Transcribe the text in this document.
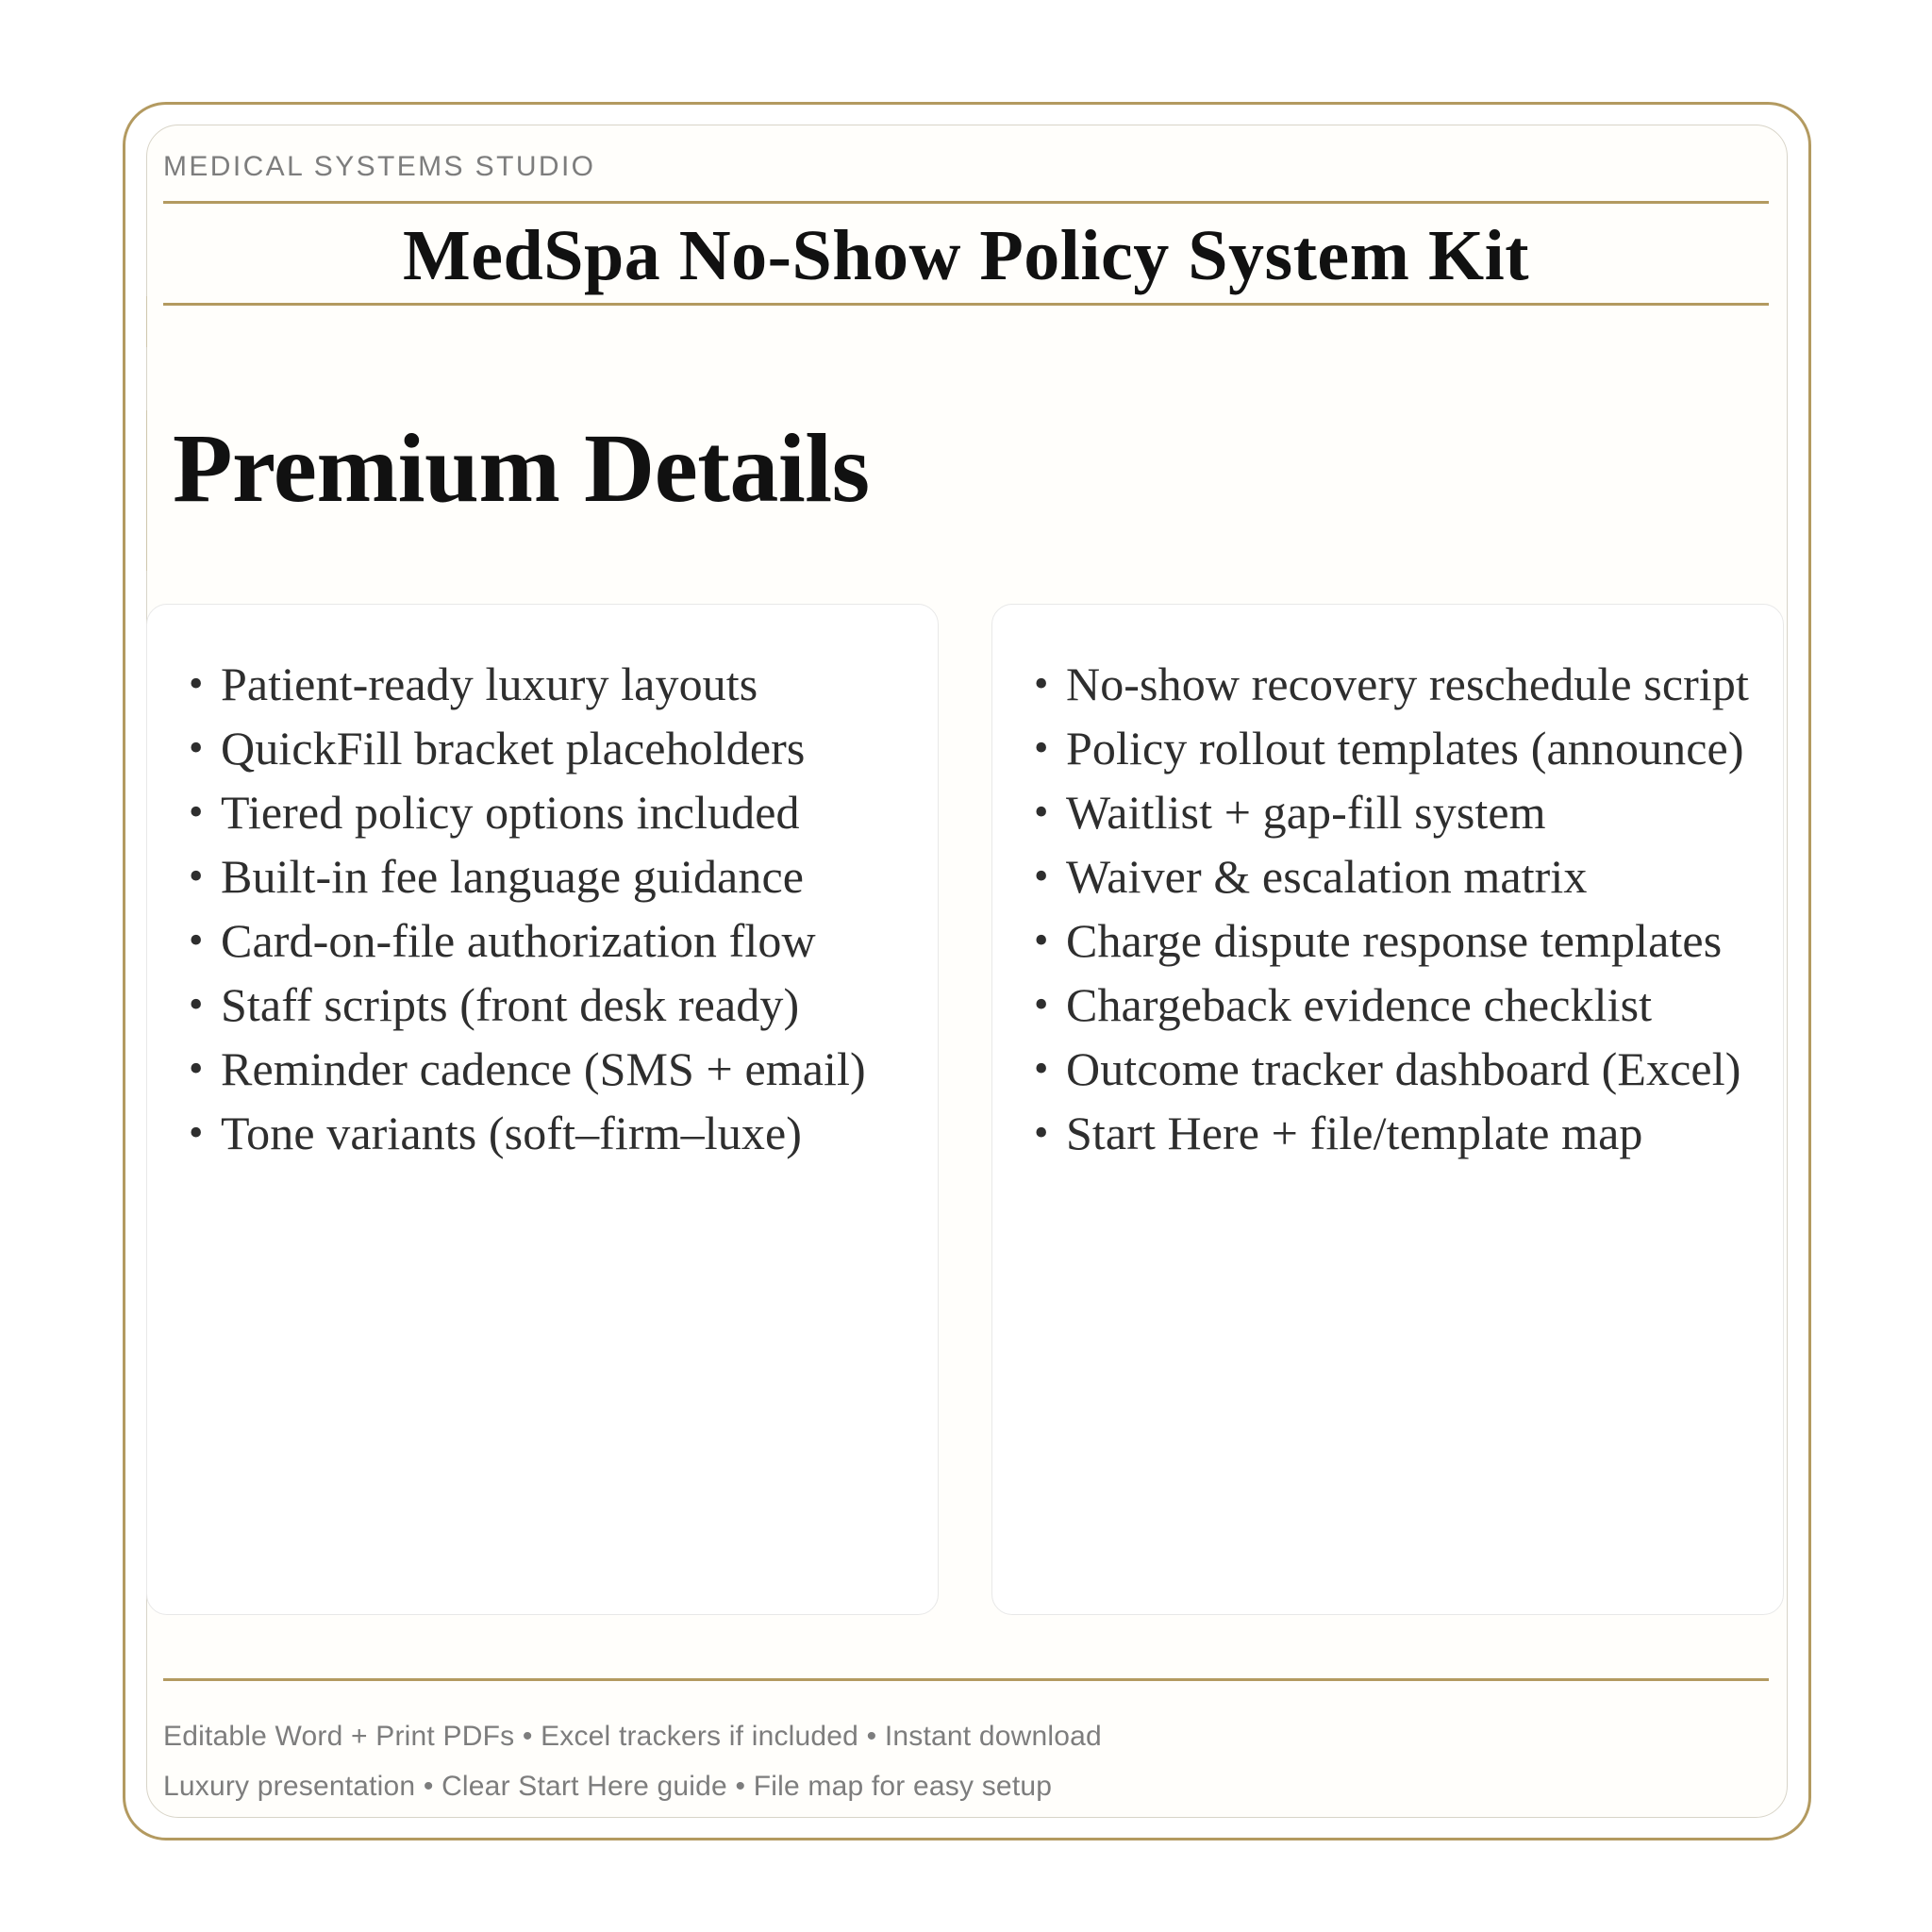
MEDICAL SYSTEMS STUDIO
MedSpa No-Show Policy System Kit
Premium Details
• Patient-ready luxury layouts
• QuickFill bracket placeholders
• Tiered policy options included
• Built-in fee language guidance
• Card-on-file authorization flow
• Staff scripts (front desk ready)
• Reminder cadence (SMS + email)
• Tone variants (soft–firm–luxe)
• No-show recovery reschedule script
• Policy rollout templates (announce)
• Waitlist + gap-fill system
• Waiver & escalation matrix
• Charge dispute response templates
• Chargeback evidence checklist
• Outcome tracker dashboard (Excel)
• Start Here + file/template map
Editable Word + Print PDFs • Excel trackers if included • Instant download
Luxury presentation • Clear Start Here guide • File map for easy setup
